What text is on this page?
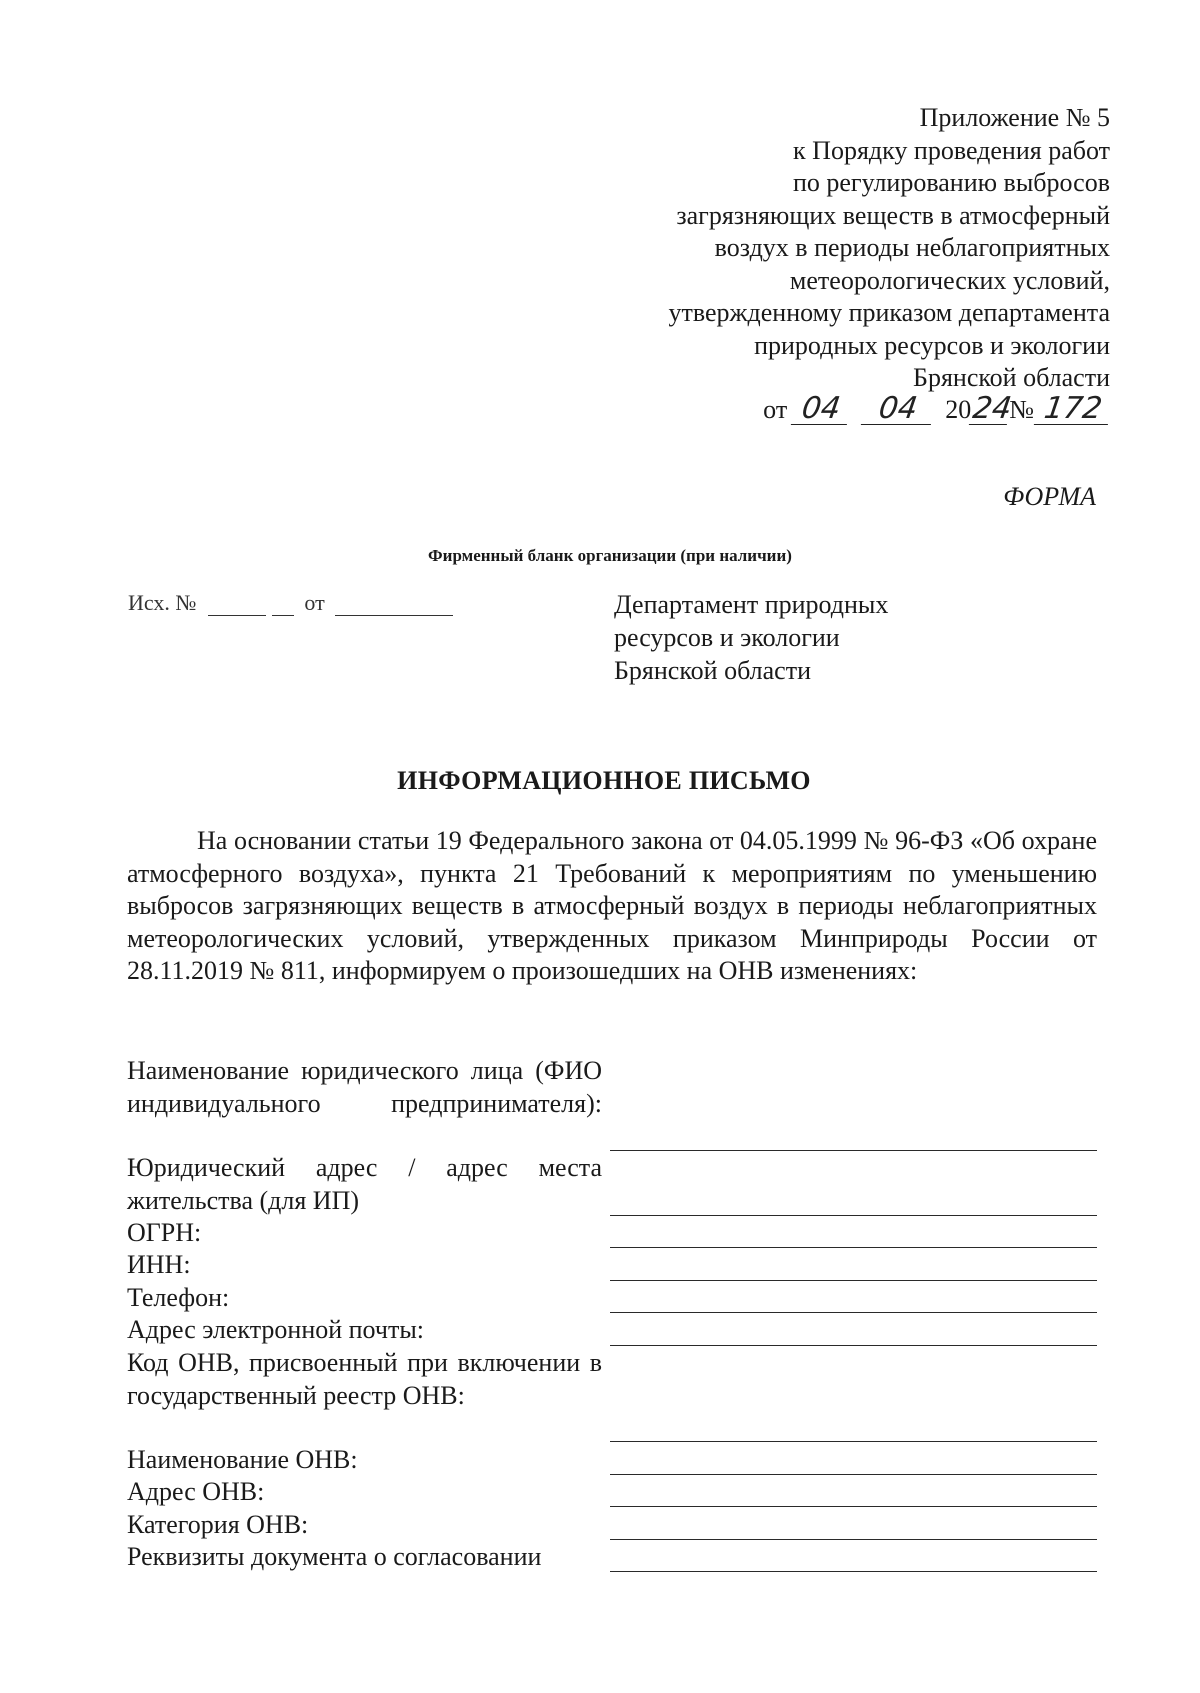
Приложение № 5
к Порядку проведения работ
по регулированию выбросов
загрязняющих веществ в атмосферный
воздух в периоды неблагоприятных
метеорологических условий,
утвержденному приказом департамента
природных ресурсов и экологии
Брянской области
от 04	04 20 24
№ 172
ФОРМА
Фирменный бланк организации (при наличии)
Исх. №	от	Департамент природных
ресурсов и экологии
Брянской области
ИНФОРМАЦИОННОЕ ПИСЬМО
На основании статьи 19 Федерального закона от 04.05.1999 № 96-ФЗ «Об охране атмосферного воздуха», пункта 21 Требований к мероприятиям по уменьшению выбросов загрязняющих веществ в атмосферный воздух в периоды неблагоприятных метеорологических условий, утвержденных приказом Минприроды России от 28.11.2019 № 811, информируем о произошедших на ОНВ изменениях:
Наименование юридического лица (ФИО индивидуального предпринимателя):
Юридический адрес / адрес места жительства (для ИП)
ОГРН:
ИНН:
Телефон:
Адрес электронной почты:
Код ОНВ, присвоенный при включении в государственный реестр ОНВ:
Наименование ОНВ:
Адрес ОНВ:
Категория ОНВ:
Реквизиты документа о согласовании
